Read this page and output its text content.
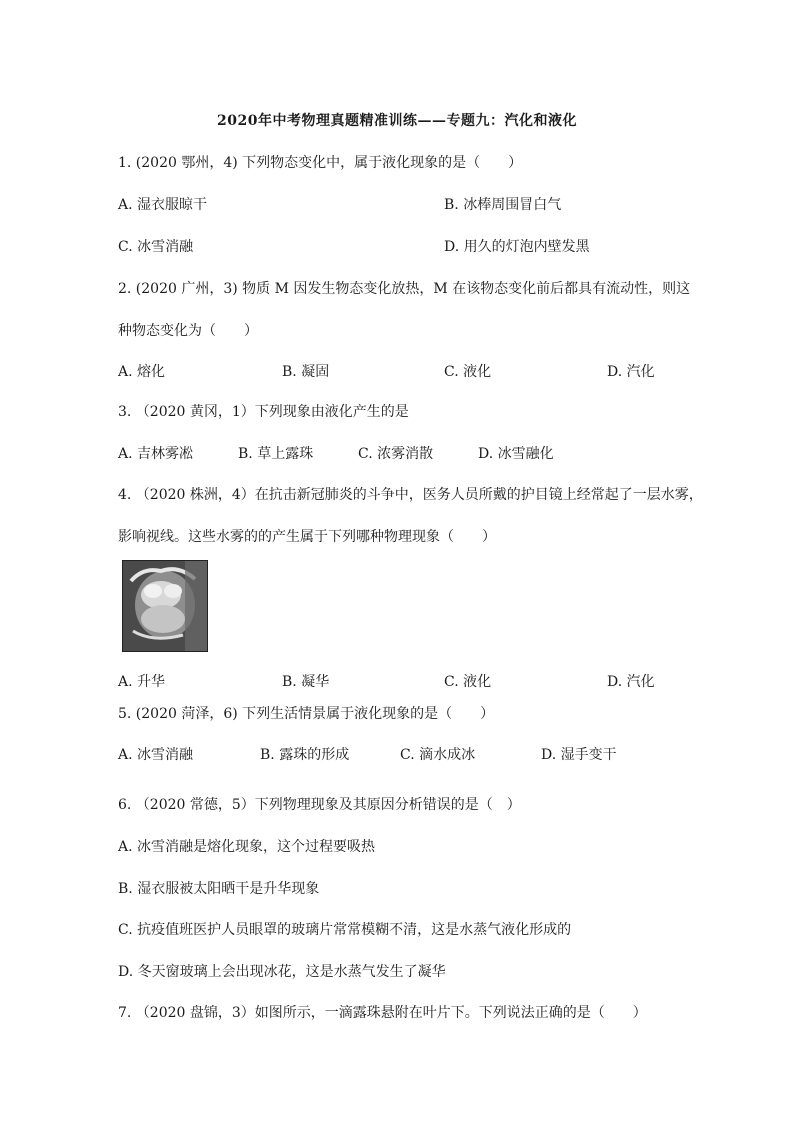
2020年中考物理真题精准训练——专题九：汽化和液化
1. (2020 鄂州，4) 下列物态变化中，属于液化现象的是（　　）
A. 湿衣服晾干	B. 冰棒周围冒白气
C. 冰雪消融	D. 用久的灯泡内壁发黑
2. (2020 广州，3) 物质 M 因发生物态变化放热，M 在该物态变化前后都具有流动性，则这
种物态变化为（　　）
A. 熔化	B. 凝固	C. 液化	D. 汽化
3. （2020 黄冈，1）下列现象由液化产生的是
A. 吉林雾凇	B. 草上露珠	C. 浓雾消散	D. 冰雪融化
4. （2020 株洲，4）在抗击新冠肺炎的斗争中，医务人员所戴的护目镜上经常起了一层水雾，
影响视线。这些水雾的的产生属于下列哪种物理现象（　　）
A. 升华	B. 凝华	C. 液化	D. 汽化
5. (2020 菏泽，6) 下列生活情景属于液化现象的是（　　）
A. 冰雪消融	B. 露珠的形成	C. 滴水成冰	D. 湿手变干
6. （2020 常德，5）下列物理现象及其原因分析错误的是（　）
A. 冰雪消融是熔化现象，这个过程要吸热
B. 湿衣服被太阳晒干是升华现象
C. 抗疫值班医护人员眼罩的玻璃片常常模糊不清，这是水蒸气液化形成的
D. 冬天窗玻璃上会出现冰花，这是水蒸气发生了凝华
7. （2020 盘锦，3）如图所示，一滴露珠悬附在叶片下。下列说法正确的是（　　）
